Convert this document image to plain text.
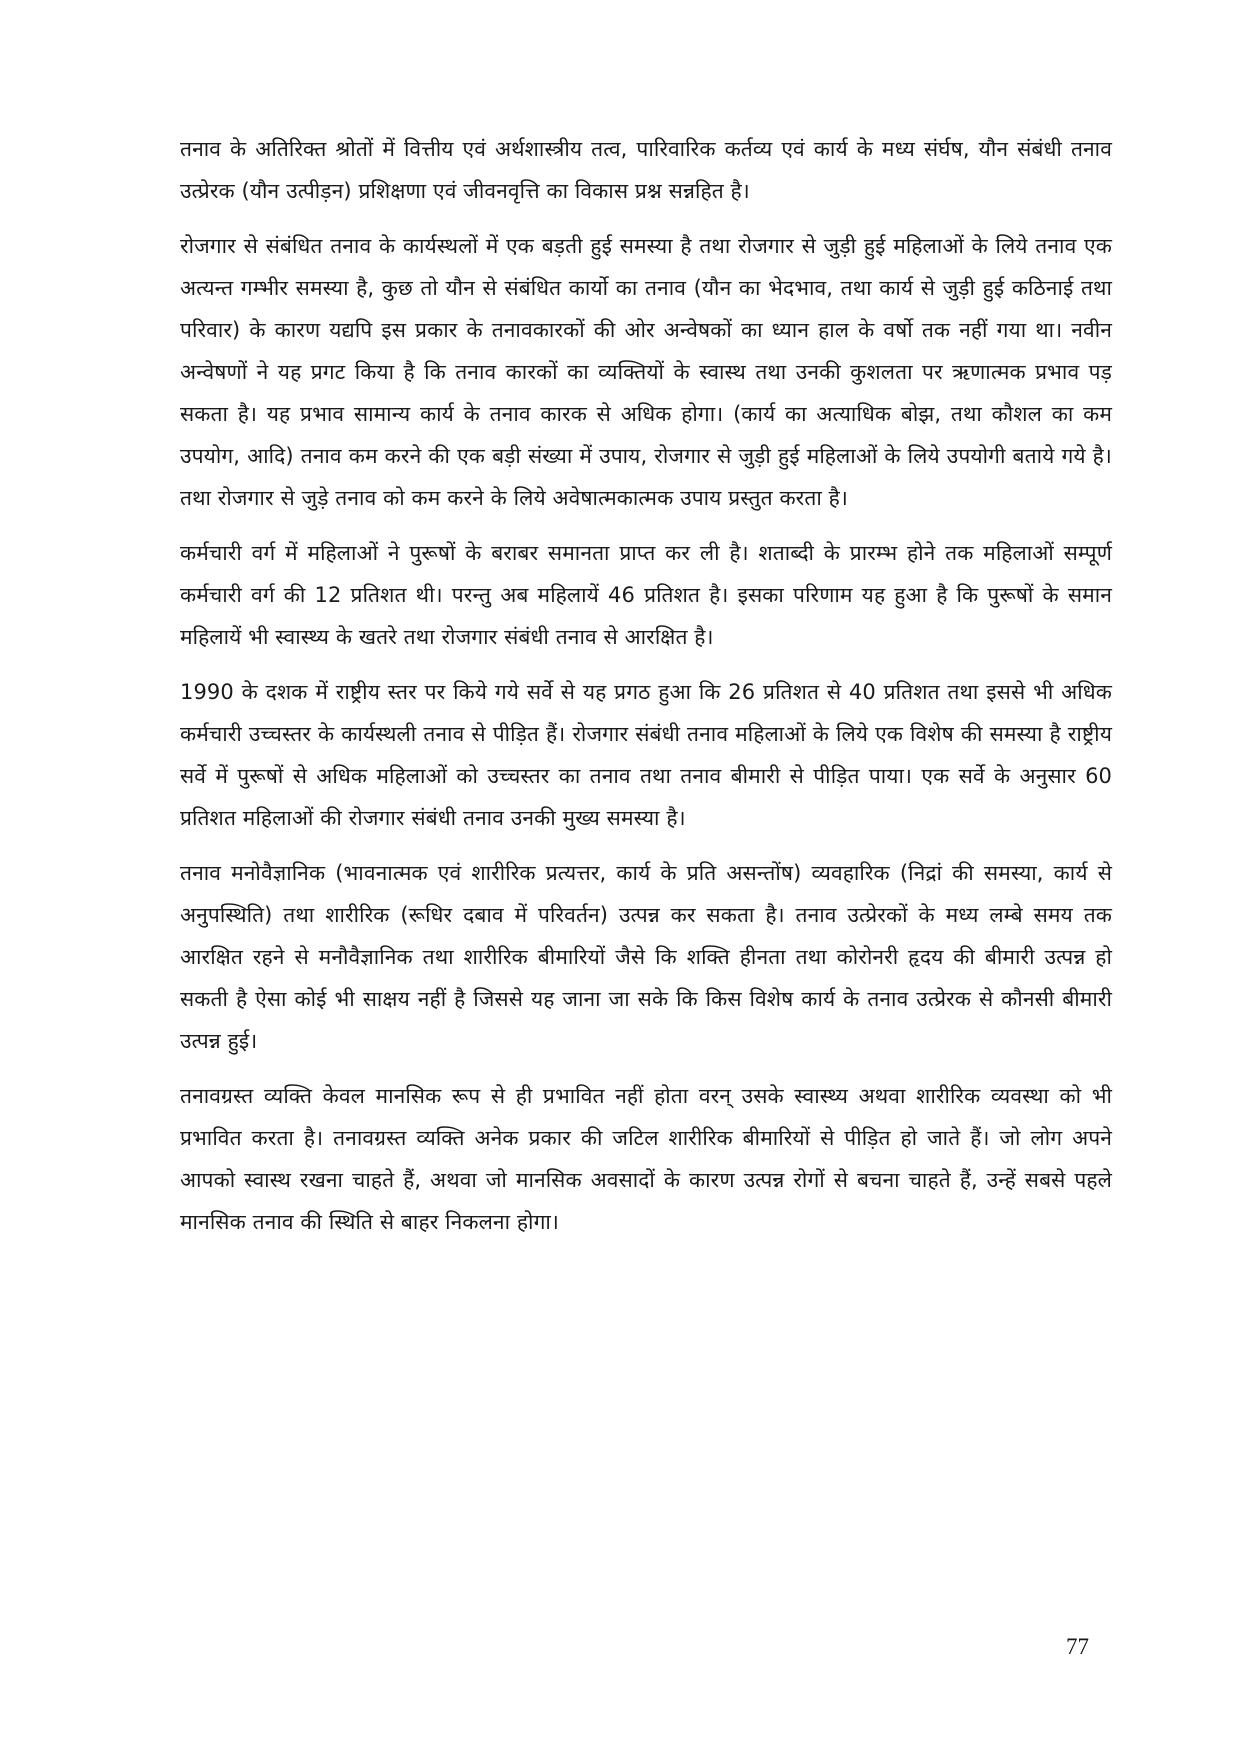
तनाव के अतिरिक्त श्रोतों में वित्तीय एवं अर्थशास्त्रीय तत्व, पारिवारिक कर्तव्य एवं कार्य के मध्य संर्घष, यौन संबंधी तनाव उत्प्रेरक (यौन उत्पीड़न) प्रशिक्षणा एवं जीवनवृत्ति का विकास प्रश्न सन्नहित है।

रोजगार से संबंधित तनाव के कार्यस्थलों में एक बड़ती हुई समस्या है तथा रोजगार से जुड़ी हुई महिलाओं के लिये तनाव एक अत्यन्त गम्भीर समस्या है, कुछ तो यौन से संबंधित कार्यो का तनाव (यौन का भेदभाव, तथा कार्य से जुड़ी हुई कठिनाई तथा परिवार) के कारण यद्यपि इस प्रकार के तनावकारकों की ओर अन्वेषकों का ध्यान हाल के वर्षो तक नहीं गया था। नवीन अन्वेषणों ने यह प्रगट किया है कि तनाव कारकों का व्यक्तियों के स्वास्थ तथा उनकी कुशलता पर ऋणात्मक प्रभाव पड़ सकता है। यह प्रभाव सामान्य कार्य के तनाव कारक से अधिक होगा। (कार्य का अत्याधिक बोझ, तथा कौशल का कम उपयोग, आदि) तनाव कम करने की एक बड़ी संख्या में उपाय, रोजगार से जुड़ी हुई महिलाओं के लिये उपयोगी बताये गये है। तथा रोजगार से जुड़े तनाव को कम करने के लिये अवेषात्मकात्मक उपाय प्रस्तुत करता है।

कर्मचारी वर्ग में महिलाओं ने पुरूषों के बराबर समानता प्राप्त कर ली है। शताब्दी के प्रारम्भ होने तक महिलाओं सम्पूर्ण कर्मचारी वर्ग की 12 प्रतिशत थी। परन्तु अब महिलायें 46 प्रतिशत है। इसका परिणाम यह हुआ है कि पुरूषों के समान महिलायें भी स्वास्थ्य के खतरे तथा रोजगार संबंधी तनाव से आरक्षित है।

1990 के दशक में राष्ट्रीय स्तर पर किये गये सर्वे से यह प्रगठ हुआ कि 26 प्रतिशत से 40 प्रतिशत तथा इससे भी अधिक कर्मचारी उच्चस्तर के कार्यस्थली तनाव से पीड़ित हैं। रोजगार संबंधी तनाव महिलाओं के लिये एक विशेष की समस्या है राष्ट्रीय सर्वे में पुरूषों से अधिक महिलाओं को उच्चस्तर का तनाव तथा तनाव बीमारी से पीड़ित पाया। एक सर्वे के अनुसार 60 प्रतिशत महिलाओं की रोजगार संबंधी तनाव उनकी मुख्य समस्या है।

तनाव मनोवैज्ञानिक (भावनात्मक एवं शारीरिक प्रत्यत्तर, कार्य के प्रति असन्तोंष) व्यवहारिक (निद्रां की समस्या, कार्य से अनुपस्थिति) तथा शारीरिक (रूधिर दबाव में परिवर्तन) उत्पन्न कर सकता है। तनाव उत्प्रेरकों के मध्य लम्बे समय तक आरक्षित रहने से मनौवैज्ञानिक तथा शारीरिक बीमारियों जैसे कि शक्ति हीनता तथा कोरोनरी हृदय की बीमारी उत्पन्न हो सकती है ऐसा कोई भी साक्षय नहीं है जिससे यह जाना जा सके कि किस विशेष कार्य के तनाव उत्प्रेरक से कौनसी बीमारी उत्पन्न हुई।

तनावग्रस्त व्यक्ति केवल मानसिक रूप से ही प्रभावित नहीं होता वरन् उसके स्वास्थ्य अथवा शारीरिक व्यवस्था को भी प्रभावित करता है। तनावग्रस्त व्यक्ति अनेक प्रकार की जटिल शारीरिक बीमारियों से पीड़ित हो जाते हैं। जो लोग अपने आपको स्वास्थ रखना चाहते हैं, अथवा जो मानसिक अवसादों के कारण उत्पन्न रोगों से बचना चाहते हैं, उन्हें सबसे पहले मानसिक तनाव की स्थिति से बाहर निकलना होगा।

77
